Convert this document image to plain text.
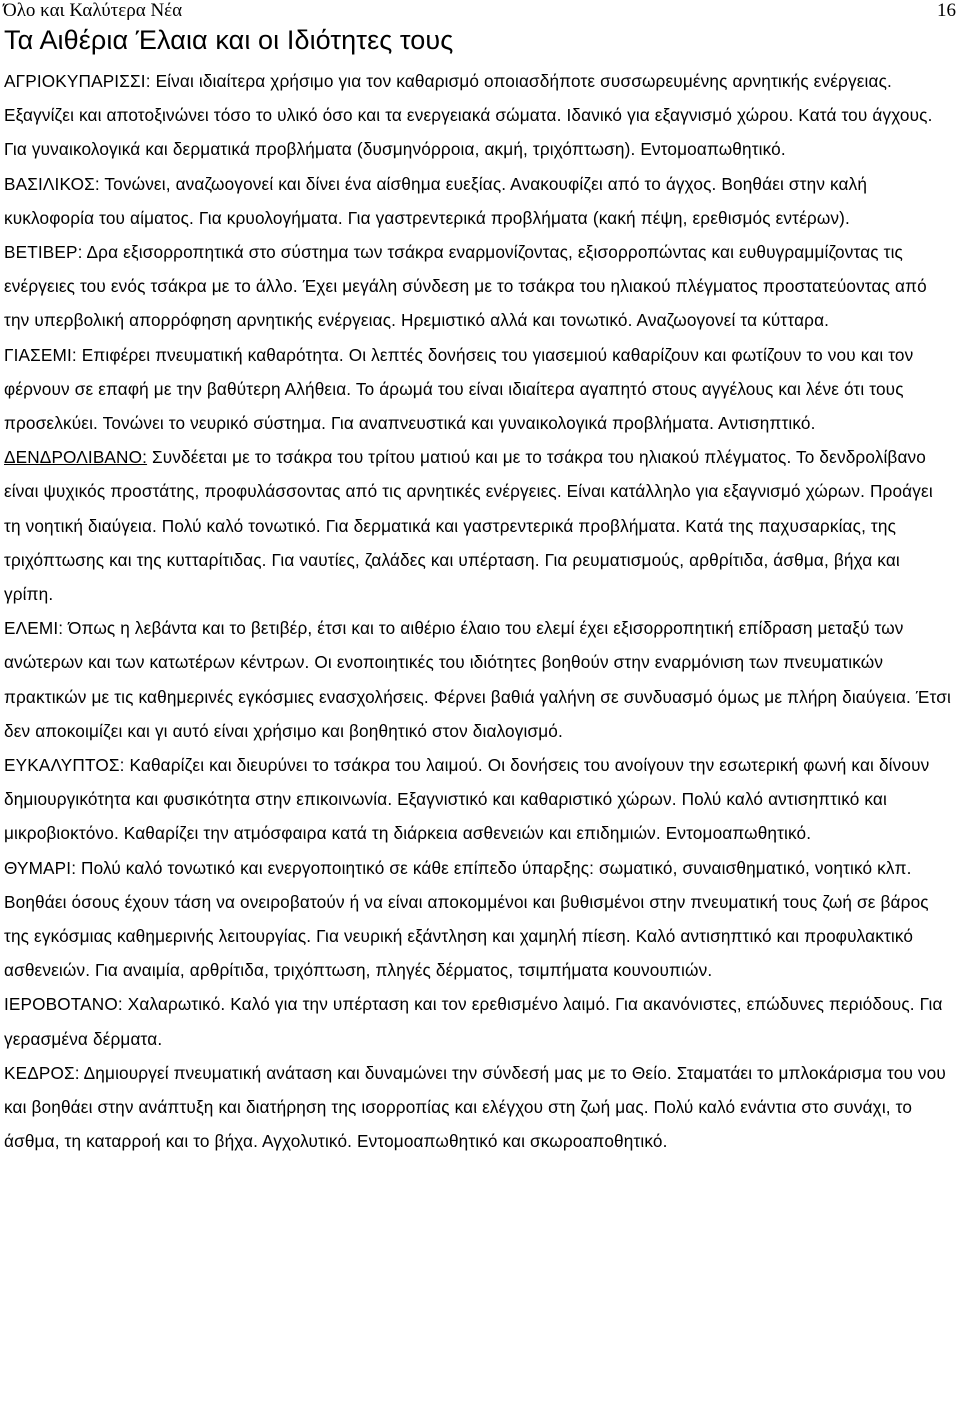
Όλο και Καλύτερα Νέα	16
Τα Αιθέρια Έλαια και οι Ιδιότητες τους

ΑΓΡΙΟΚΥΠΑΡΙΣΣΙ: Είναι ιδιαίτερα χρήσιμο για τον καθαρισμό οποιασδήποτε συσσωρευμένης αρνητικής ενέργειας. Εξαγνίζει και αποτοξινώνει τόσο το υλικό όσο και τα ενεργειακά σώματα. Ιδανικό για εξαγνισμό χώρου. Κατά του άγχους. Για γυναικολογικά και δερματικά προβλήματα (δυσμηνόρροια, ακμή, τριχόπτωση). Εντομοαπωθητικό.

ΒΑΣΙΛΙΚΟΣ: Τονώνει, αναζωογονεί και δίνει ένα αίσθημα ευεξίας. Ανακουφίζει από το άγχος. Βοηθάει στην καλή κυκλοφορία του αίματος. Για κρυολογήματα. Για γαστρεντερικά προβλήματα (κακή πέψη, ερεθισμός εντέρων).

ΒΕΤΙΒΕΡ: Δρα εξισορροπητικά στο σύστημα των τσάκρα εναρμονίζοντας, εξισορροπώντας και ευθυγραμμίζοντας τις ενέργειες του ενός τσάκρα με το άλλο. Έχει μεγάλη σύνδεση με το τσάκρα του ηλιακού πλέγματος προστατεύοντας από την υπερβολική απορρόφηση αρνητικής ενέργειας. Ηρεμιστικό αλλά και τονωτικό. Αναζωογονεί τα κύτταρα.

ΓΙΑΣΕΜΙ: Επιφέρει πνευματική καθαρότητα. Οι λεπτές δονήσεις του γιασεμιού καθαρίζουν και φωτίζουν το νου και τον φέρνουν σε επαφή με την βαθύτερη Αλήθεια. Το άρωμά του είναι ιδιαίτερα αγαπητό στους αγγέλους και λένε ότι τους προσελκύει. Τονώνει το νευρικό σύστημα. Για αναπνευστικά και γυναικολογικά προβλήματα. Αντισηπτικό.

ΔΕΝΔΡΟΛΙΒΑΝΟ: Συνδέεται με το τσάκρα του τρίτου ματιού και με το τσάκρα του ηλιακού πλέγματος. Το δενδρολίβανο είναι ψυχικός προστάτης, προφυλάσσοντας από τις αρνητικές ενέργειες. Είναι κατάλληλο για εξαγνισμό χώρων. Προάγει τη νοητική διαύγεια. Πολύ καλό τονωτικό. Για δερματικά και γαστρεντερικά προβλήματα. Κατά της παχυσαρκίας, της τριχόπτωσης και της κυτταρίτιδας. Για ναυτίες, ζαλάδες και υπέρταση. Για ρευματισμούς, αρθρίτιδα, άσθμα, βήχα και γρίπη.

ΕΛΕΜΙ: Όπως η λεβάντα και το βετιβέρ, έτσι και το αιθέριο έλαιο του ελεμί έχει εξισορροπητική επίδραση μεταξύ των ανώτερων και των κατωτέρων κέντρων. Οι ενοποιητικές του ιδιότητες βοηθούν στην εναρμόνιση των πνευματικών πρακτικών με τις καθημερινές εγκόσμιες ενασχολήσεις. Φέρνει βαθιά γαλήνη σε συνδυασμό όμως με πλήρη διαύγεια. Έτσι δεν αποκοιμίζει και γι αυτό είναι χρήσιμο και βοηθητικό στον διαλογισμό.

ΕΥΚΑΛΥΠΤΟΣ: Καθαρίζει και διευρύνει το τσάκρα του λαιμού. Οι δονήσεις του ανοίγουν την εσωτερική φωνή και δίνουν δημιουργικότητα και φυσικότητα στην επικοινωνία. Εξαγνιστικό και καθαριστικό χώρων. Πολύ καλό αντισηπτικό και μικροβιοκτόνο. Καθαρίζει την ατμόσφαιρα κατά τη διάρκεια ασθενειών και επιδημιών. Εντομοαπωθητικό.

ΘΥΜΑΡΙ: Πολύ καλό τονωτικό και ενεργοποιητικό σε κάθε επίπεδο ύπαρξης: σωματικό, συναισθηματικό, νοητικό κλπ. Βοηθάει όσους έχουν τάση να ονειροβατούν ή να είναι αποκομμένοι και βυθισμένοι στην πνευματική τους ζωή σε βάρος της εγκόσμιας καθημερινής λειτουργίας. Για νευρική εξάντληση και χαμηλή πίεση. Καλό αντισηπτικό και προφυλακτικό ασθενειών. Για αναιμία, αρθρίτιδα, τριχόπτωση, πληγές δέρματος, τσιμπήματα κουνουπιών.

ΙΕΡΟΒΟΤΑΝΟ: Χαλαρωτικό. Καλό για την υπέρταση και τον ερεθισμένο λαιμό. Για ακανόνιστες, επώδυνες περιόδους. Για γερασμένα δέρματα.

ΚΕΔΡΟΣ: Δημιουργεί πνευματική ανάταση και δυναμώνει την σύνδεσή μας με το Θείο. Σταματάει το μπλοκάρισμα του νου και βοηθάει στην ανάπτυξη και διατήρηση της ισορροπίας και ελέγχου στη ζωή μας. Πολύ καλό ενάντια στο συνάχι, το άσθμα, τη καταρροή και το βήχα. Αγχολυτικό. Εντομοαπωθητικό και σκωροαποθητικό.
